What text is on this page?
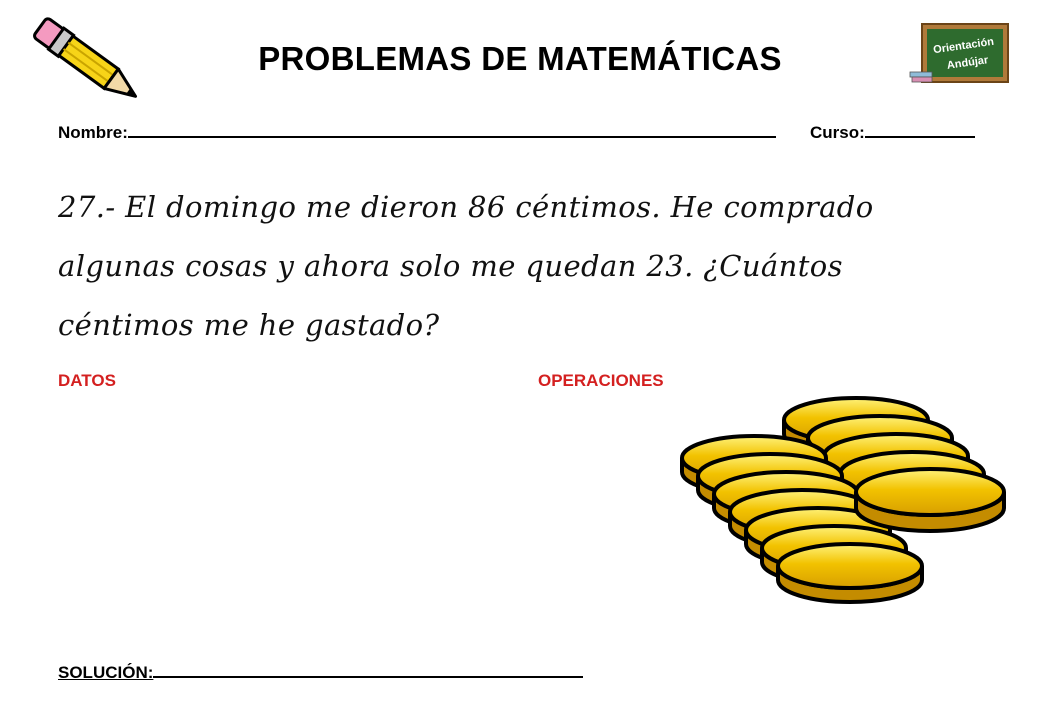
PROBLEMAS DE MATEMÁTICAS	Orientación
Andújar
Nombre:	Curso:
27.- El domingo me dieron 86 céntimos. He comprado
algunas cosas y ahora solo me quedan 23. ¿Cuántos
céntimos me he gastado?
DATOS	OPERACIONES
SOLUCIÓN:
